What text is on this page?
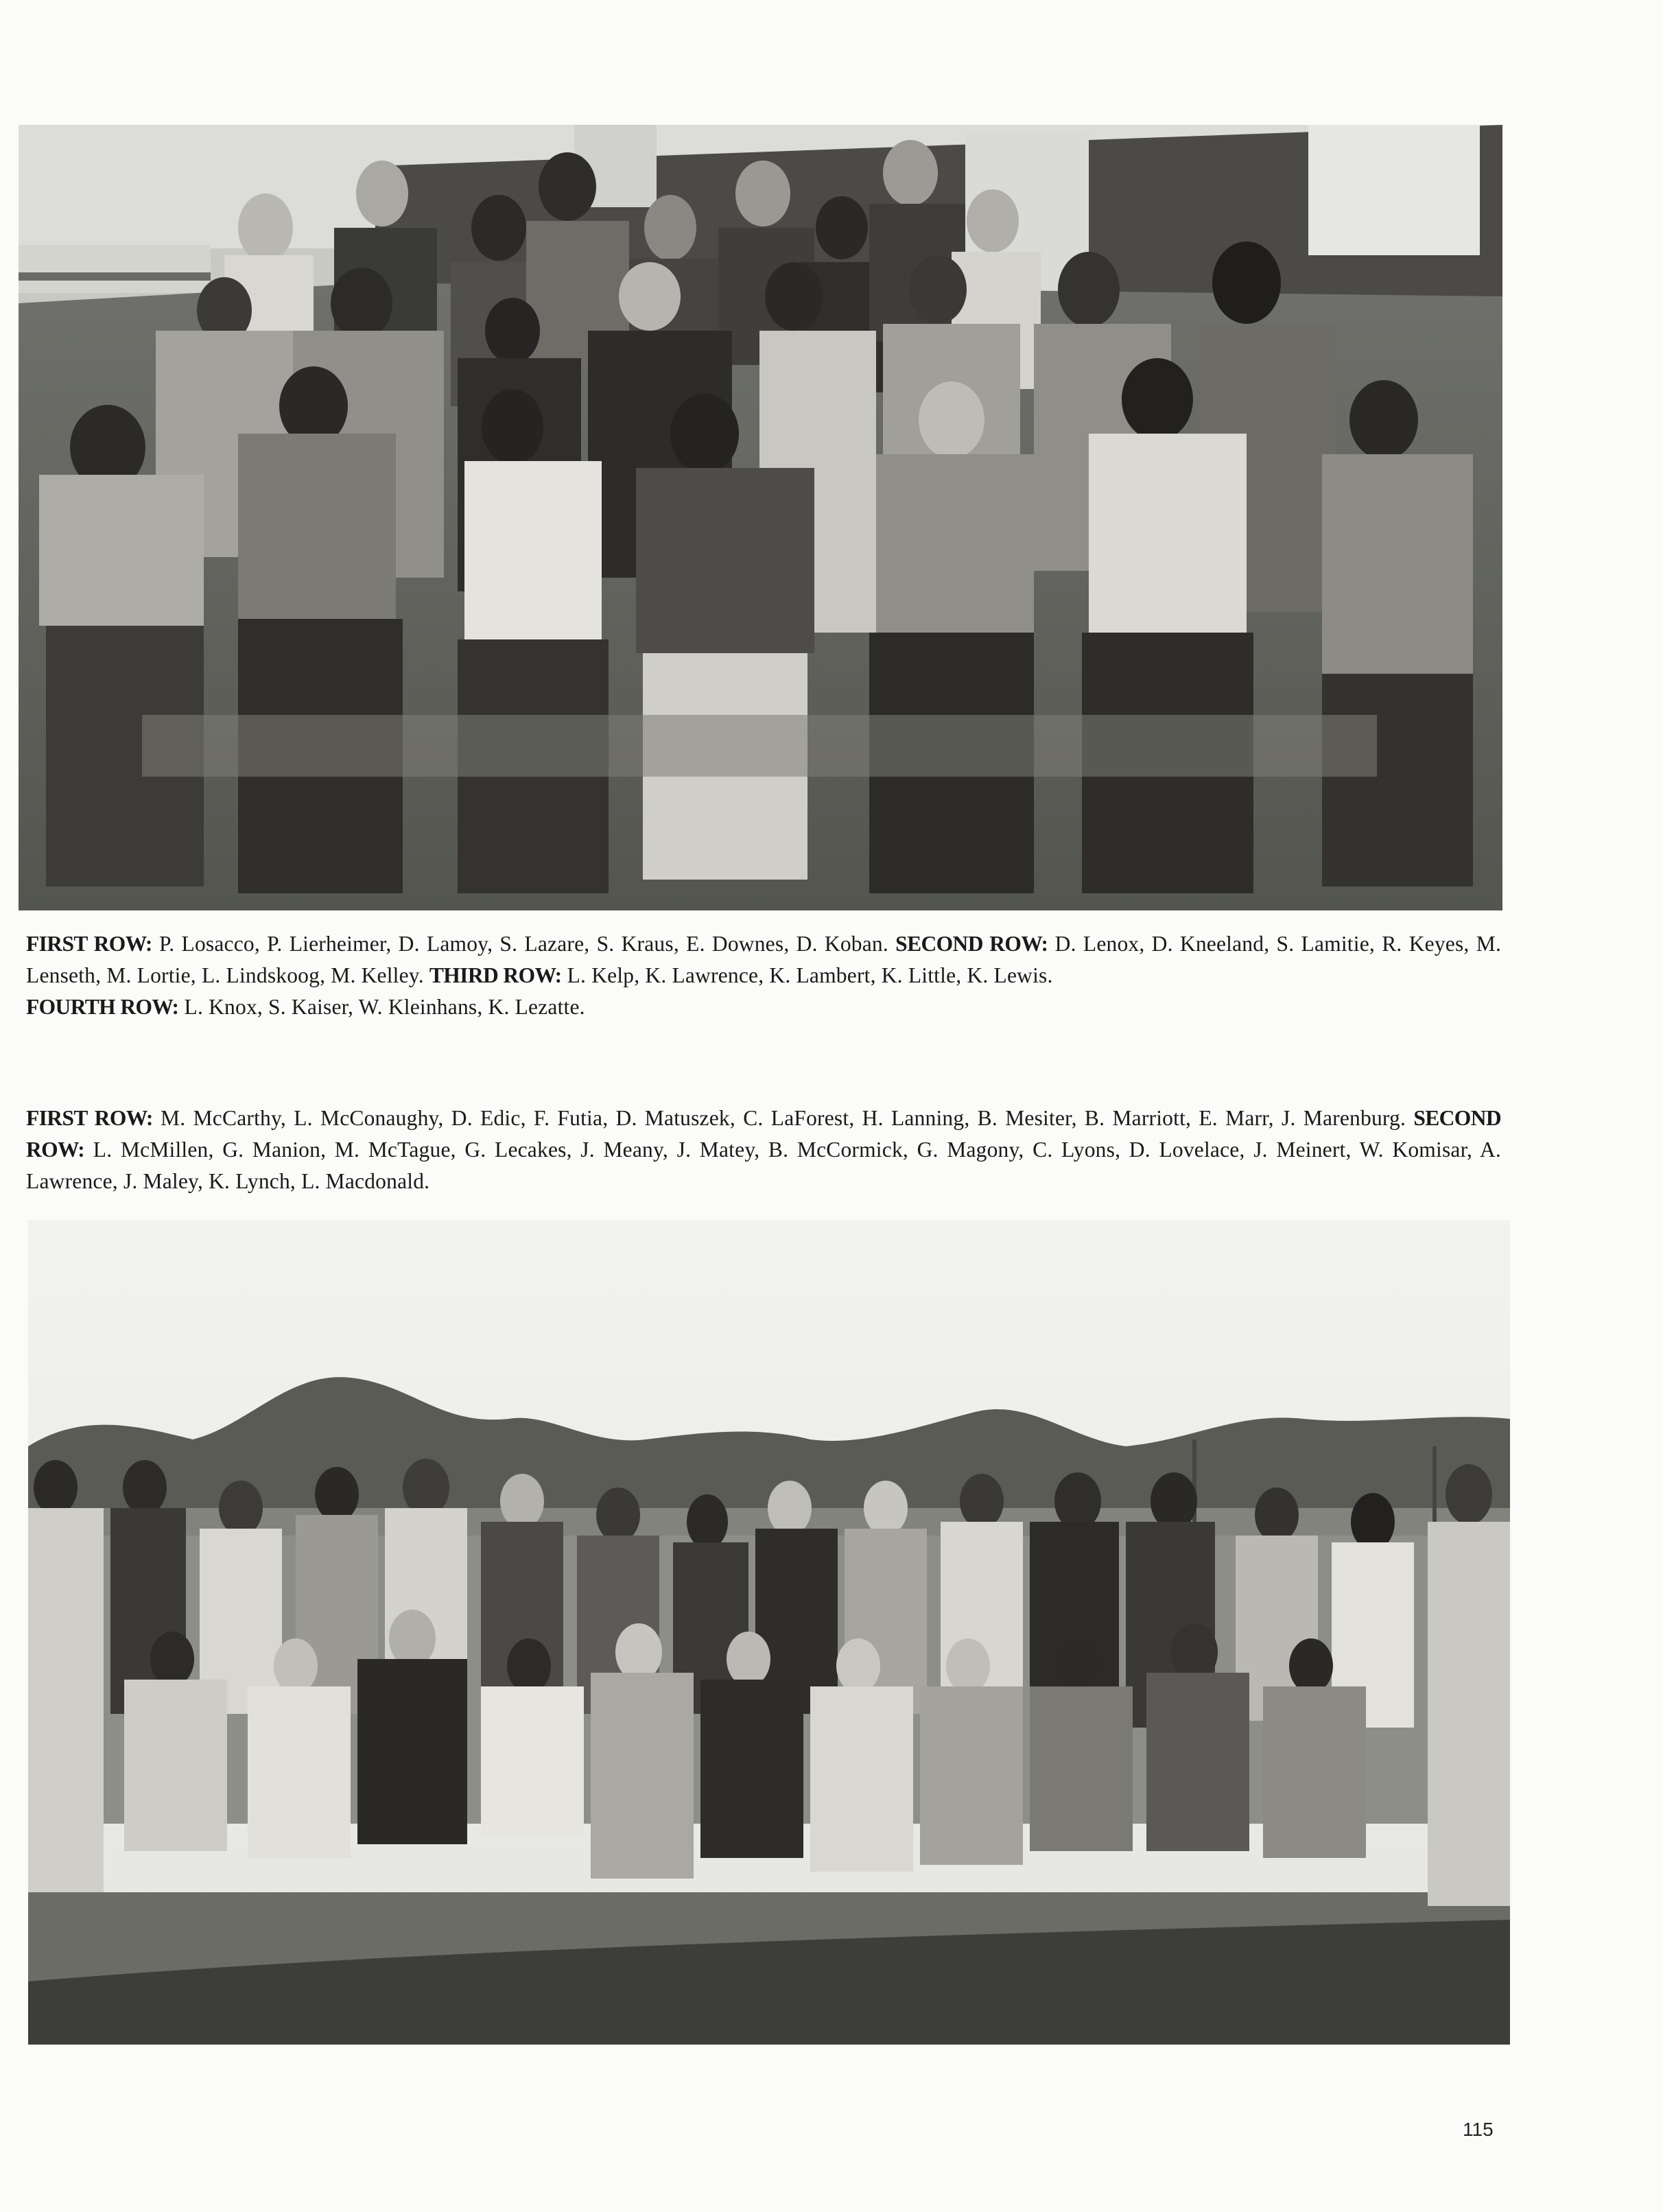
FIRST ROW: P. Losacco, P. Lierheimer, D. Lamoy, S. Lazare, S. Kraus, E. Downes, D. Koban. SECOND ROW: D. Lenox, D. Kneeland, S. Lamitie, R. Keyes, M. Lenseth, M. Lortie, L. Lindskoog, M. Kelley. THIRD ROW: L. Kelp, K. Lawrence, K. Lambert, K. Little, K. Lewis.
FOURTH ROW: L. Knox, S. Kaiser, W. Kleinhans, K. Lezatte.
FIRST ROW: M. McCarthy, L. McConaughy, D. Edic, F. Futia, D. Matuszek, C. LaForest, H. Lanning, B. Mesiter, B. Marriott, E. Marr, J. Marenburg. SECOND ROW: L. McMillen, G. Manion, M. McTague, G. Lecakes, J. Meany, J. Matey, B. McCormick, G. Magony, C. Lyons, D. Lovelace, J. Meinert, W. Komisar, A. Lawrence, J. Maley, K. Lynch, L. Macdonald.
115
